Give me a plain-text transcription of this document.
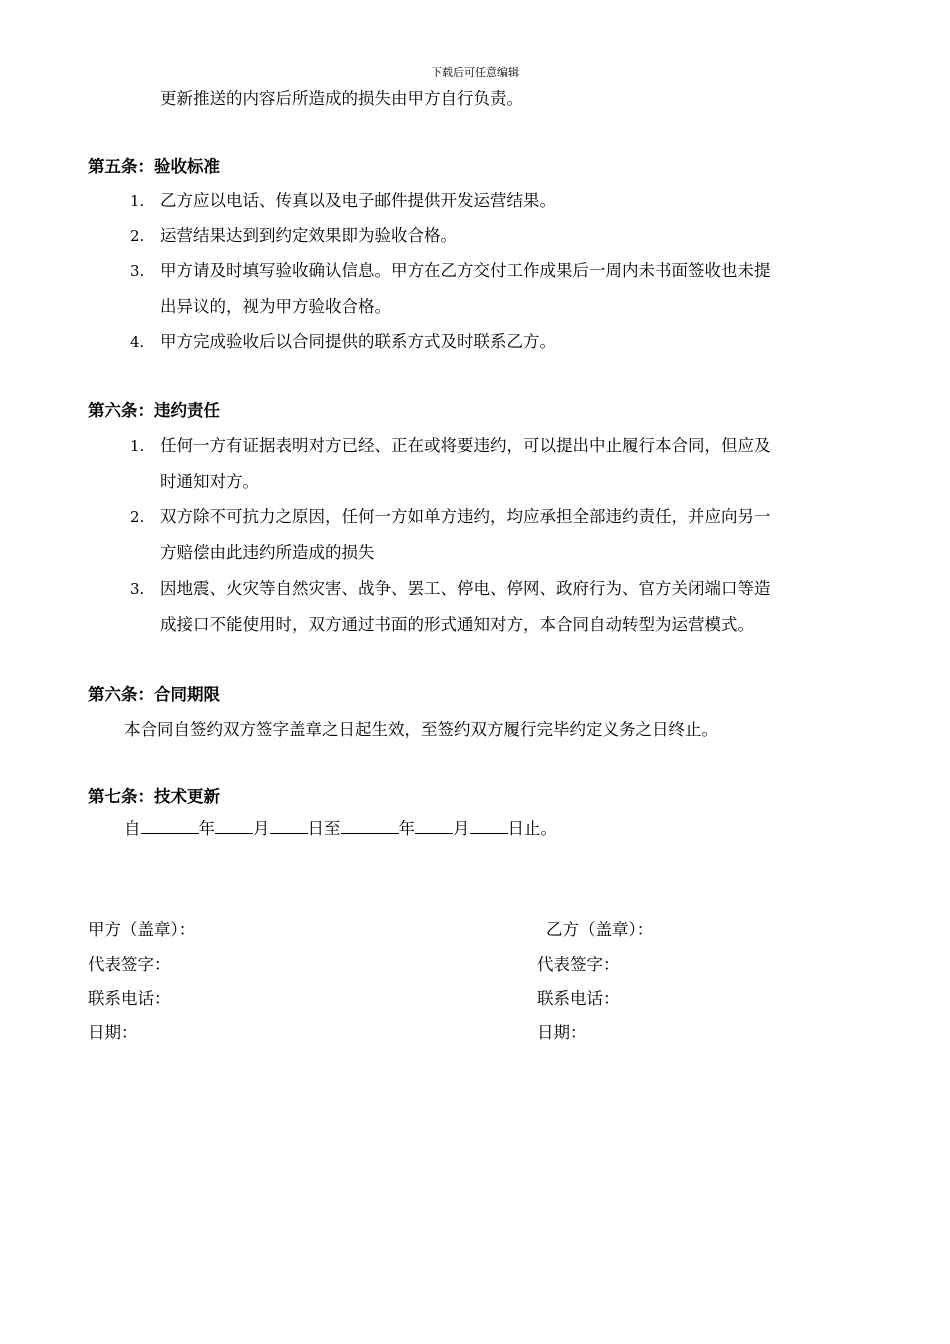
下载后可任意编辑
更新推送的内容后所造成的损失由甲方自行负责。
第五条：验收标准
1. 乙方应以电话、传真以及电子邮件提供开发运营结果。
2. 运营结果达到到约定效果即为验收合格。
3. 甲方请及时填写验收确认信息。甲方在乙方交付工作成果后一周内未书面签收也未提
出异议的，视为甲方验收合格。
4. 甲方完成验收后以合同提供的联系方式及时联系乙方。
第六条：违约责任
1. 任何一方有证据表明对方已经、正在或将要违约，可以提出中止履行本合同，但应及
时通知对方。
2. 双方除不可抗力之原因，任何一方如单方违约，均应承担全部违约责任，并应向另一
方赔偿由此违约所造成的损失
3. 因地震、火灾等自然灾害、战争、罢工、停电、停网、政府行为、官方关闭端口等造
成接口不能使用时，双方通过书面的形式通知对方，本合同自动转型为运营模式。
第六条：合同期限
本合同自签约双方签字盖章之日起生效，至签约双方履行完毕约定义务之日终止。
第七条：技术更新
自	年 月 日至	年 月 日止。
甲方（盖章）：
代表签字：
联系电话：
日期：
乙方（盖章）：
代表签字：
联系电话：
日期：
